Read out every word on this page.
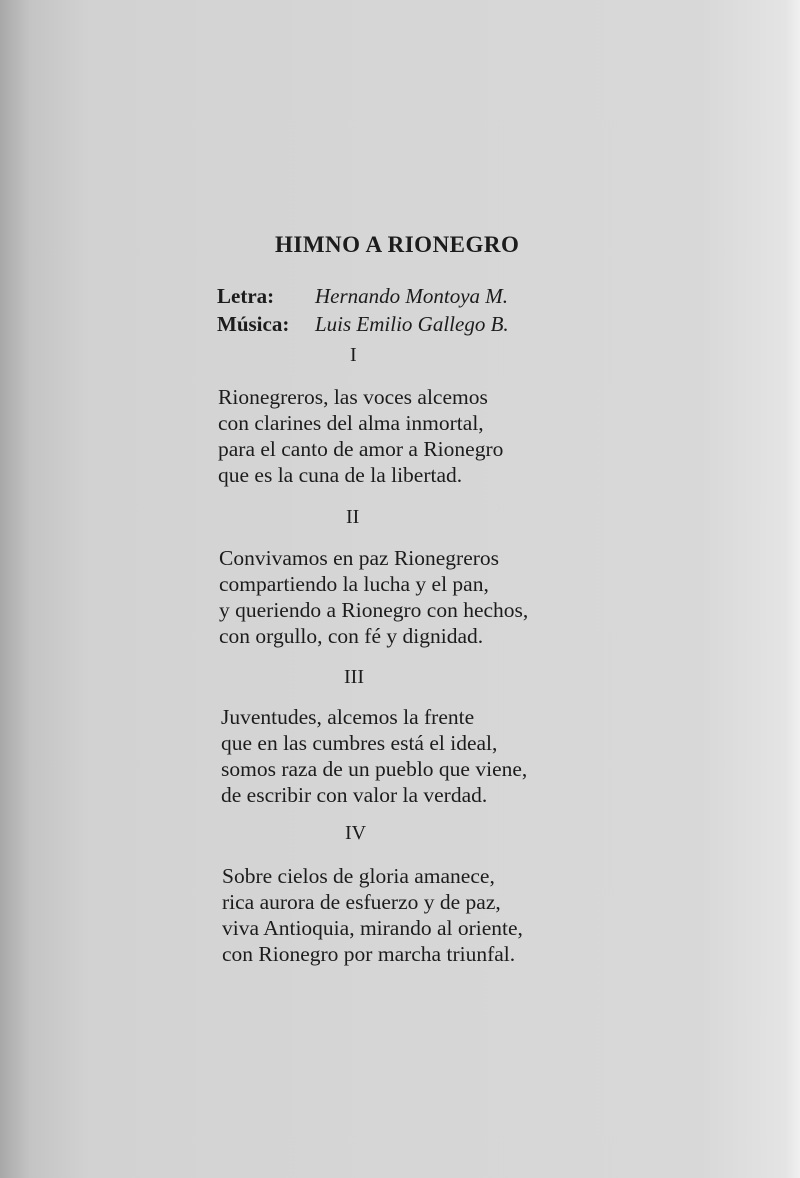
HIMNO A RIONEGRO
Letra: Hernando Montoya M.
Música: Luis Emilio Gallego B.
I
Rionegreros, las voces alcemos
con clarines del alma inmortal,
para el canto de amor a Rionegro
que es la cuna de la libertad.
II
Convivamos en paz Rionegreros
compartiendo la lucha y el pan,
y queriendo a Rionegro con hechos,
con orgullo, con fé y dignidad.
III
Juventudes, alcemos la frente
que en las cumbres está el ideal,
somos raza de un pueblo que viene,
de escribir con valor la verdad.
IV
Sobre cielos de gloria amanece,
rica aurora de esfuerzo y de paz,
viva Antioquia, mirando al oriente,
con Rionegro por marcha triunfal.
